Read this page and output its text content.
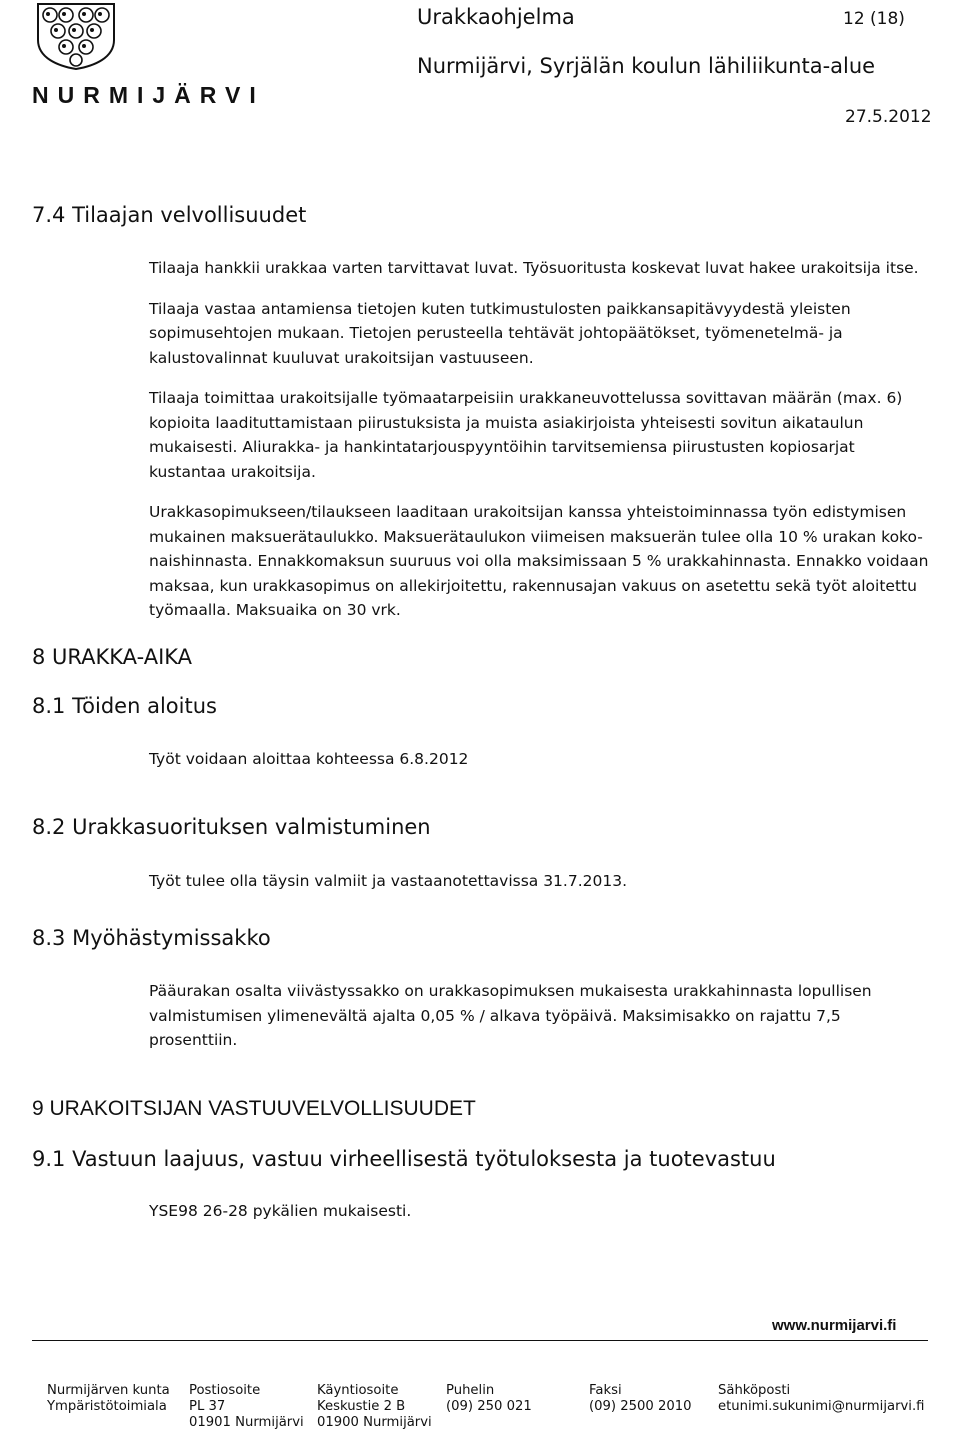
NURMIJÄRVI
Urakkaohjelma	12 (18)
Nurmijärvi, Syrjälän koulun lähiliikunta-alue
27.5.2012
7.4 Tilaajan velvollisuudet
Tilaaja hankkii urakkaa varten tarvittavat luvat. Työsuoritusta koskevat luvat hakee urakoitsija itse.
Tilaaja vastaa antamiensa tietojen kuten tutkimustulosten paikkansapitävyydestä yleisten
sopimusehtojen mukaan. Tietojen perusteella tehtävät johtopäätökset, työmenetelmä- ja
kalustovalinnat kuuluvat urakoitsijan vastuuseen.
Tilaaja toimittaa urakoitsijalle työmaatarpeisiin urakkaneuvottelussa sovittavan määrän (max. 6)
kopioita laadituttamistaan piirustuksista ja muista asiakirjoista yhteisesti sovitun aikataulun
mukaisesti. Aliurakka- ja hankintatarjouspyyntöihin tarvitsemiensa piirustusten kopiosarjat
kustantaa urakoitsija.
Urakkasopimukseen/tilaukseen laaditaan urakoitsijan kanssa yhteistoiminnassa työn edistymisen
mukainen maksuerätaulukko. Maksuerätaulukon viimeisen maksuerän tulee olla 10 % urakan koko-
naishinnasta. Ennakkomaksun suuruus voi olla maksimissaan 5 % urakkahinnasta. Ennakko voidaan
maksaa, kun urakkasopimus on allekirjoitettu, rakennusajan vakuus on asetettu sekä työt aloitettu
työmaalla. Maksuaika on 30 vrk.
8 URAKKA-AIKA
8.1 Töiden aloitus
Työt voidaan aloittaa kohteessa 6.8.2012
8.2 Urakkasuorituksen valmistuminen
Työt tulee olla täysin valmiit ja vastaanotettavissa 31.7.2013.
8.3 Myöhästymissakko
Pääurakan osalta viivästyssakko on urakkasopimuksen mukaisesta urakkahinnasta lopullisen
valmistumisen ylimenevältä ajalta 0,05 % / alkava työpäivä. Maksimisakko on rajattu 7,5
prosenttiin.
9 URAKOITSIJAN VASTUUVELVOLLISUUDET
9.1 Vastuun laajuus, vastuu virheellisestä työtuloksesta ja tuotevastuu
YSE98 26-28 pykälien mukaisesti.
www.nurmijarvi.fi
Nurmijärven kunta
Ympäristötoimiala
Postiosoite
PL 37
01901 Nurmijärvi
Käyntiosoite
Keskustie 2 B
01900 Nurmijärvi
Puhelin
(09) 250 021
Faksi
(09) 2500 2010
Sähköposti
etunimi.sukunimi@nurmijarvi.fi
